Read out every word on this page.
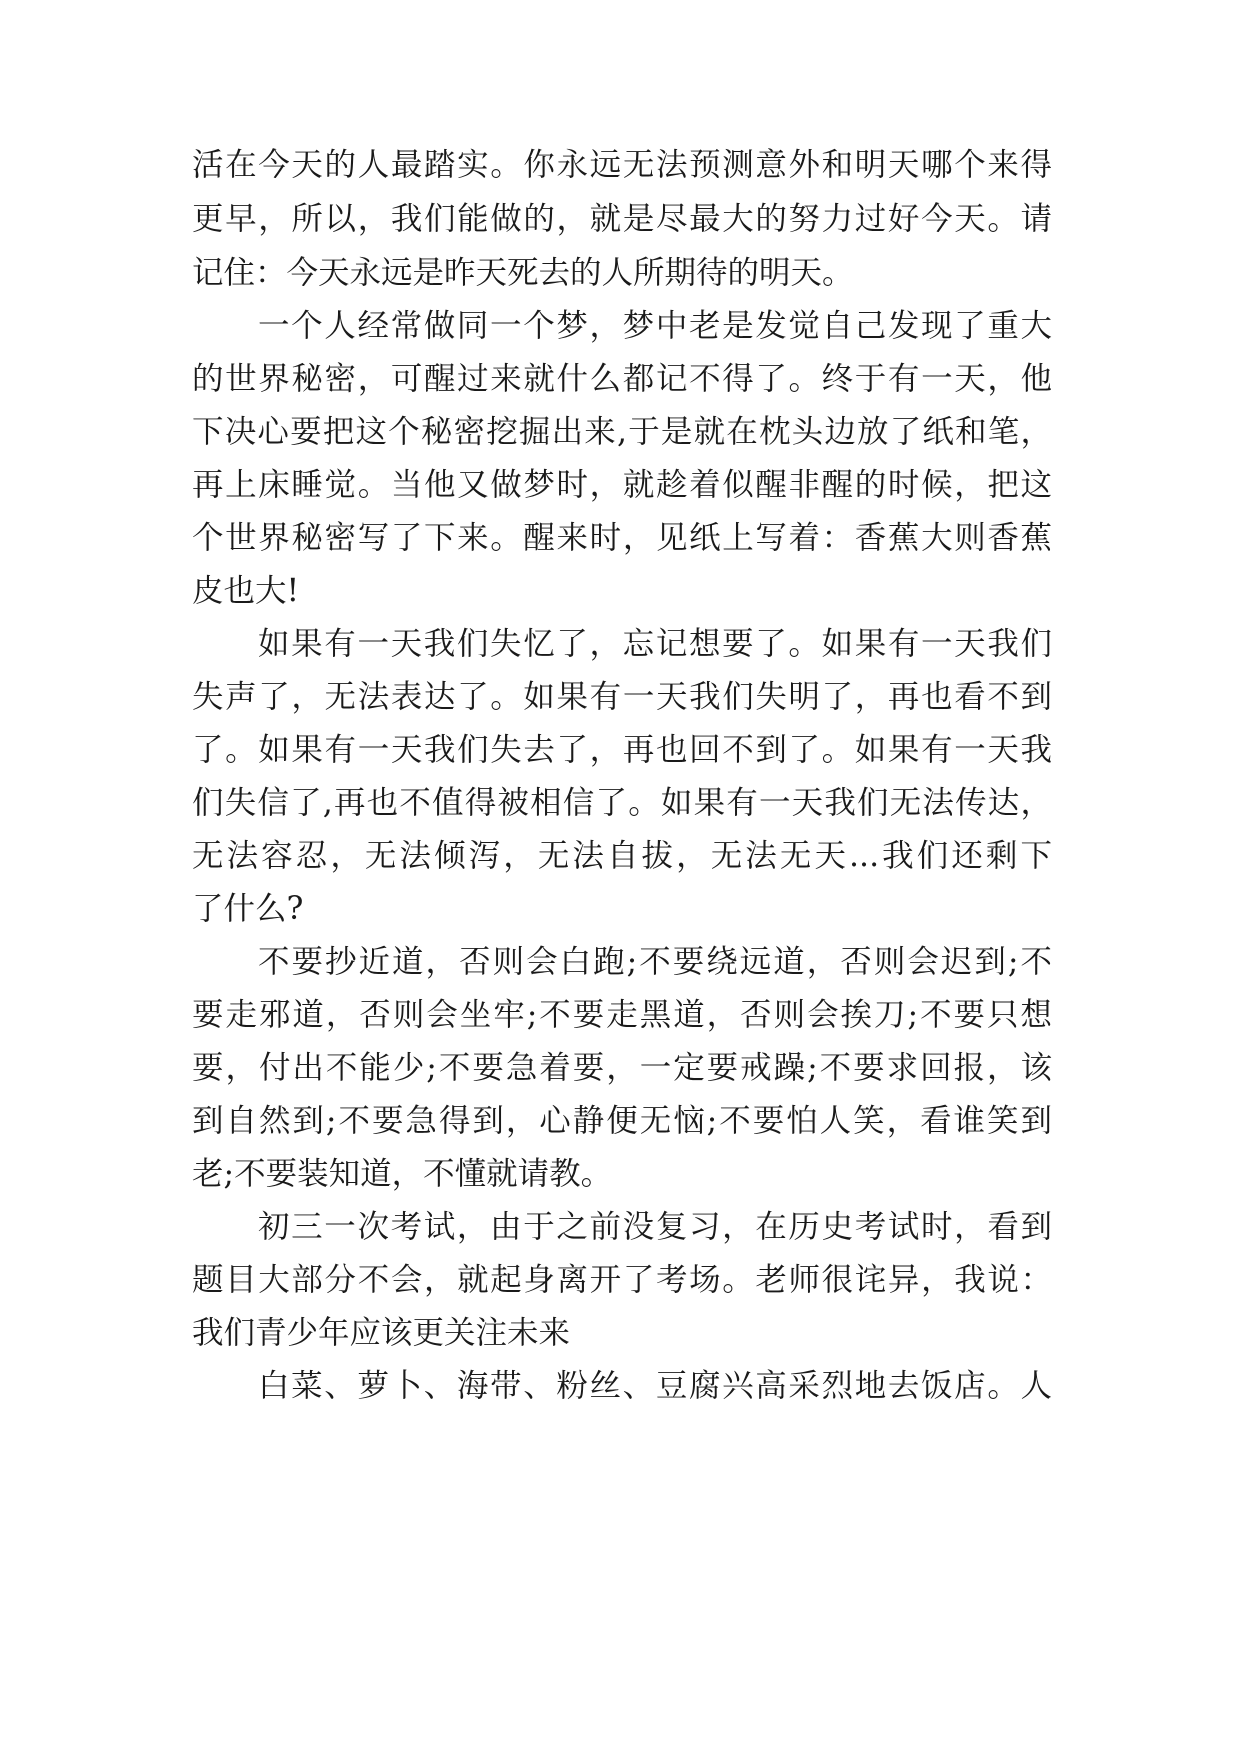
活在今天的人最踏实。你永远无法预测意外和明天哪个来得
更早，所以，我们能做的，就是尽最大的努力过好今天。请
记住：今天永远是昨天死去的人所期待的明天。
一个人经常做同一个梦，梦中老是发觉自己发现了重大
的世界秘密，可醒过来就什么都记不得了。终于有一天，他
下决心要把这个秘密挖掘出来,于是就在枕头边放了纸和笔，
再上床睡觉。当他又做梦时，就趁着似醒非醒的时候，把这
个世界秘密写了下来。醒来时，见纸上写着：香蕉大则香蕉
皮也大!
如果有一天我们失忆了，忘记想要了。如果有一天我们
失声了，无法表达了。如果有一天我们失明了，再也看不到
了。如果有一天我们失去了，再也回不到了。如果有一天我
们失信了,再也不值得被相信了。如果有一天我们无法传达，
无法容忍，无法倾泻，无法自拔，无法无天...我们还剩下
了什么?
不要抄近道，否则会白跑;不要绕远道，否则会迟到;不
要走邪道，否则会坐牢;不要走黑道，否则会挨刀;不要只想
要，付出不能少;不要急着要，一定要戒躁;不要求回报，该
到自然到;不要急得到，心静便无恼;不要怕人笑，看谁笑到
老;不要装知道，不懂就请教。
初三一次考试，由于之前没复习，在历史考试时，看到
题目大部分不会，就起身离开了考场。老师很诧异，我说：
我们青少年应该更关注未来
白菜、萝卜、海带、粉丝、豆腐兴高采烈地去饭店。人
